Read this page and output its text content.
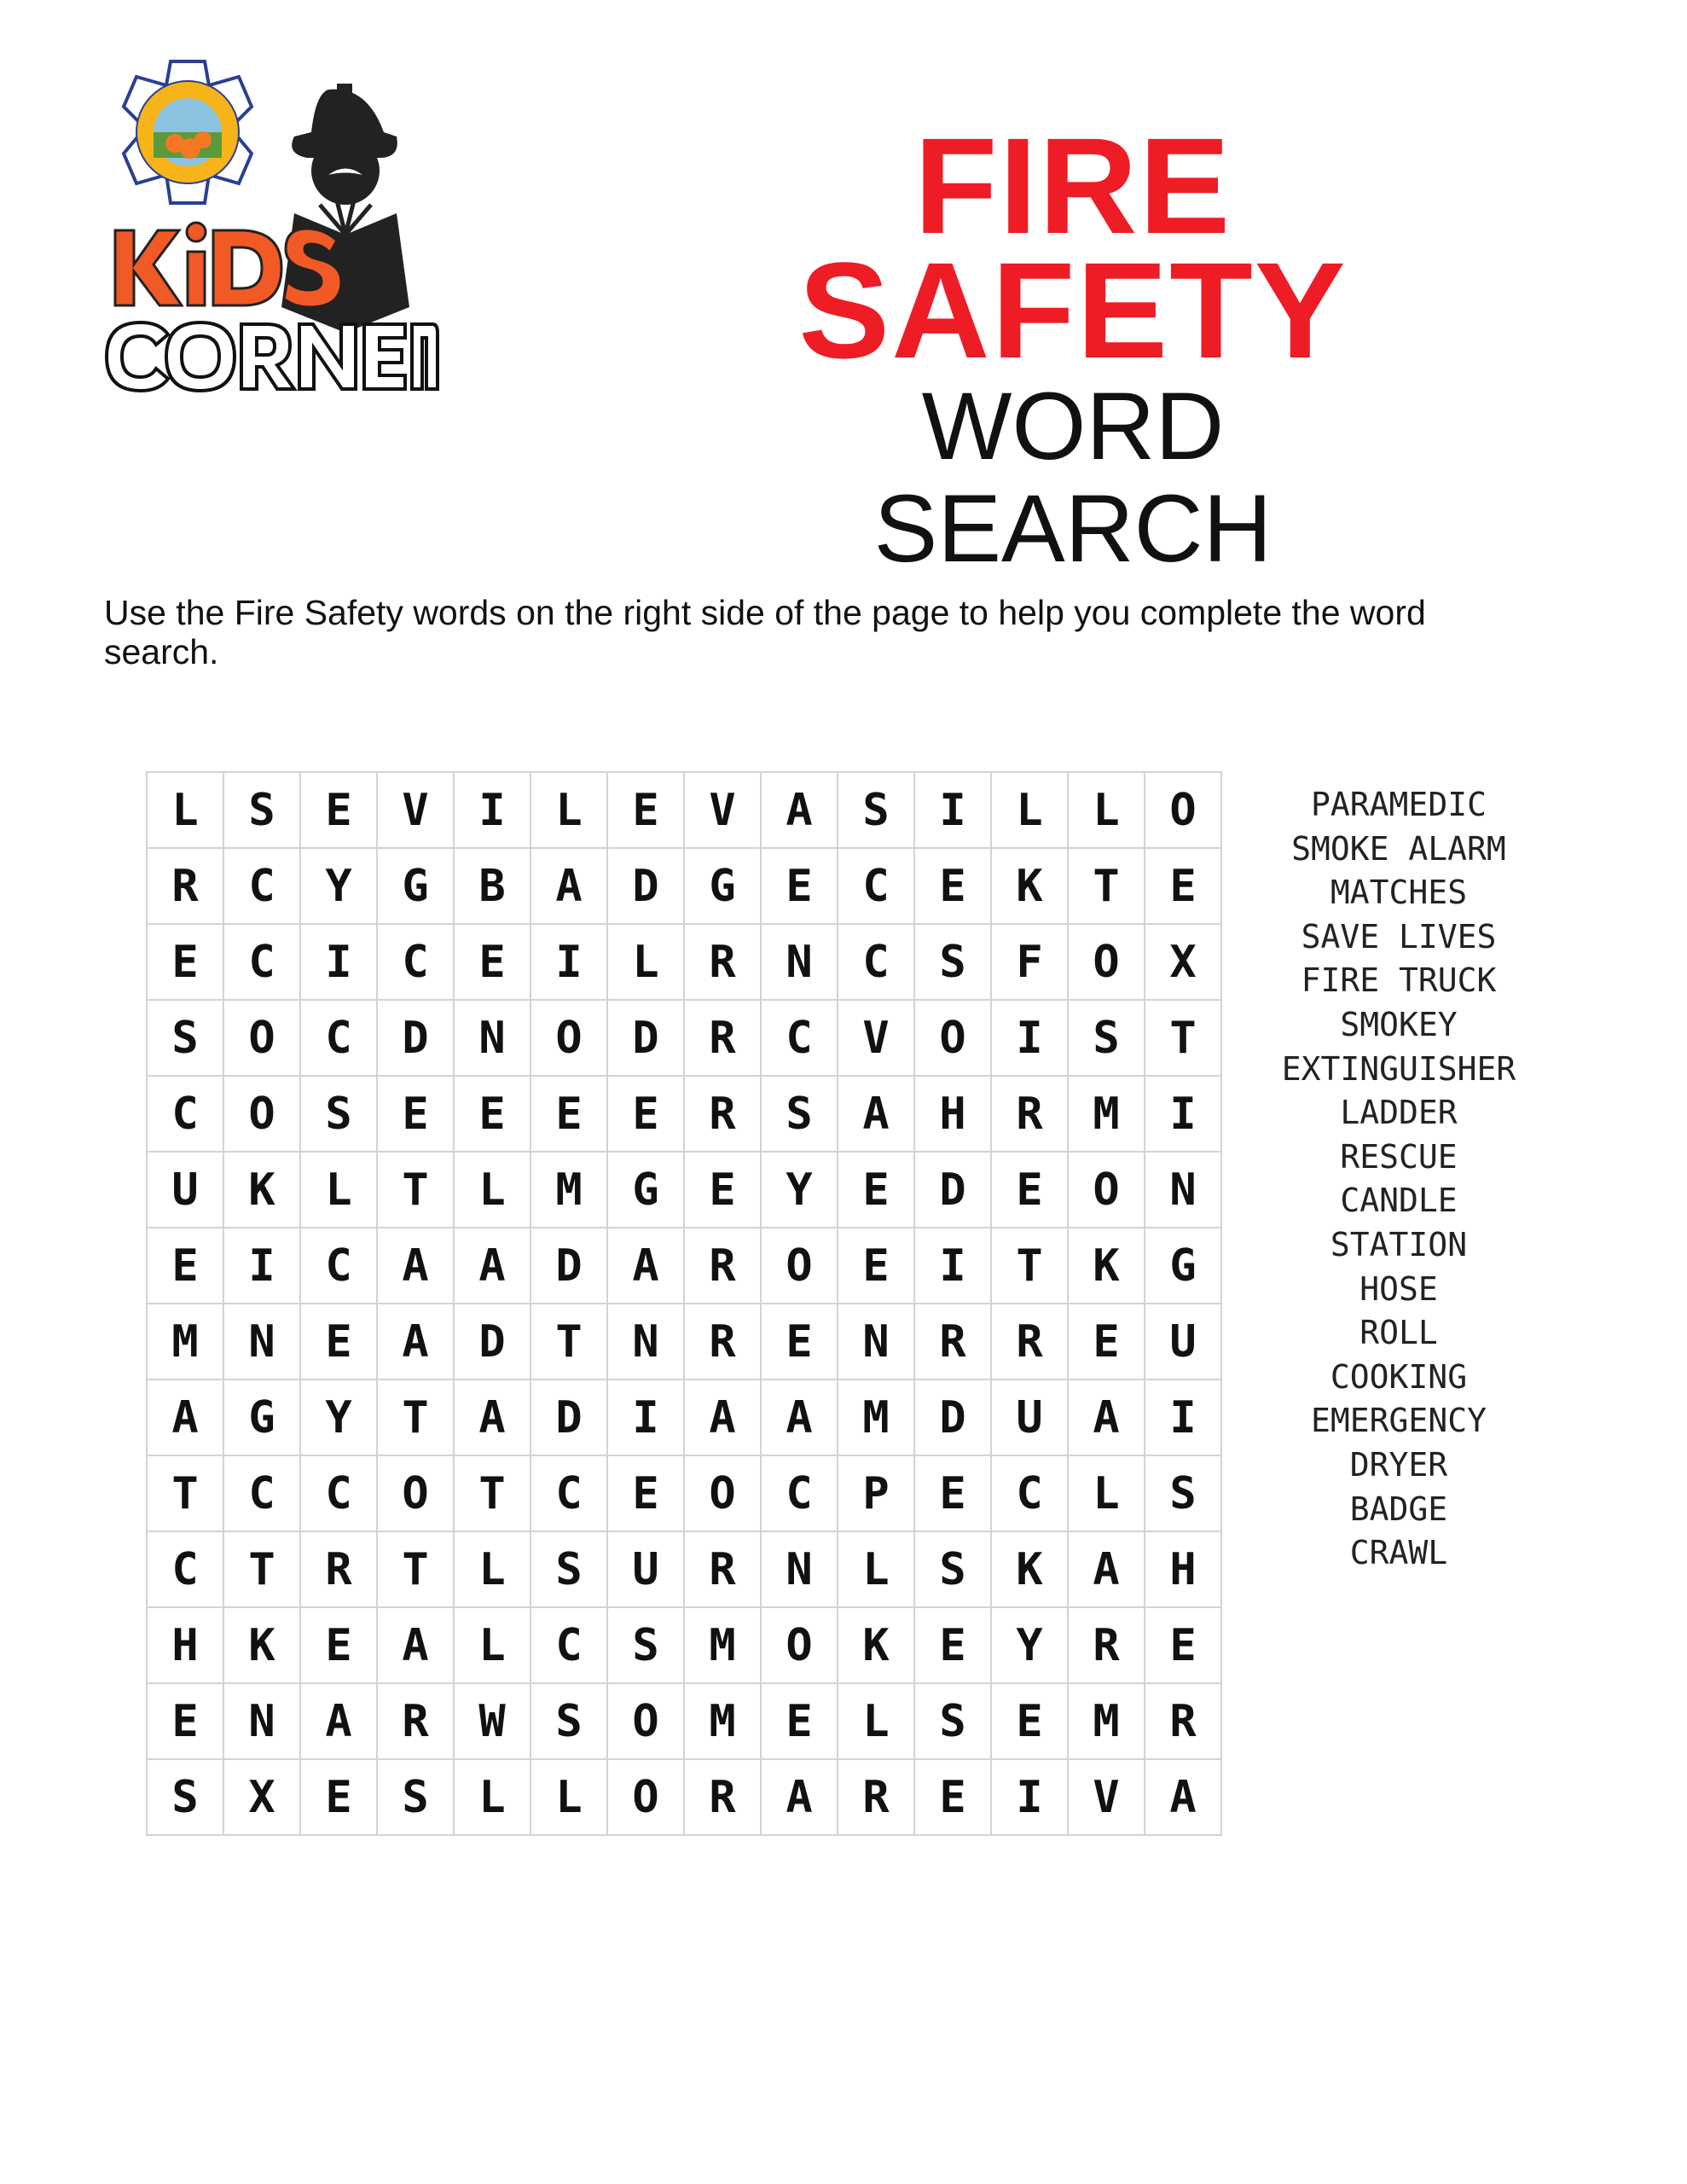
FIRE
SAFETY
WORD SEARCH
Use the Fire Safety words on the right side of the page to help you complete the word search.
L	S	E	V	I	L	E	V	A	S	I	L	L	O
R	C	Y	G	B	A	D	G	E	C	E	K	T	E
E	C	I	C	E	I	L	R	N	C	S	F	O	X
S	O	C	D	N	O	D	R	C	V	O	I	S	T
C	O	S	E	E	E	E	R	S	A	H	R	M	I
U	K	L	T	L	M	G	E	Y	E	D	E	O	N
E	I	C	A	A	D	A	R	O	E	I	T	K	G
M	N	E	A	D	T	N	R	E	N	R	R	E	U
A	G	Y	T	A	D	I	A	A	M	D	U	A	I
T	C	C	O	T	C	E	O	C	P	E	C	L	S
C	T	R	T	L	S	U	R	N	L	S	K	A	H
H	K	E	A	L	C	S	M	O	K	E	Y	R	E
E	N	A	R	W	S	O	M	E	L	S	E	M	R
S	X	E	S	L	L	O	R	A	R	E	I	V	A
PARAMEDIC
SMOKE ALARM
MATCHES
SAVE LIVES
FIRE TRUCK
SMOKEY
EXTINGUISHER
LADDER
RESCUE
CANDLE
STATION
HOSE
ROLL
COOKING
EMERGENCY
DRYER
BADGE
CRAWL
